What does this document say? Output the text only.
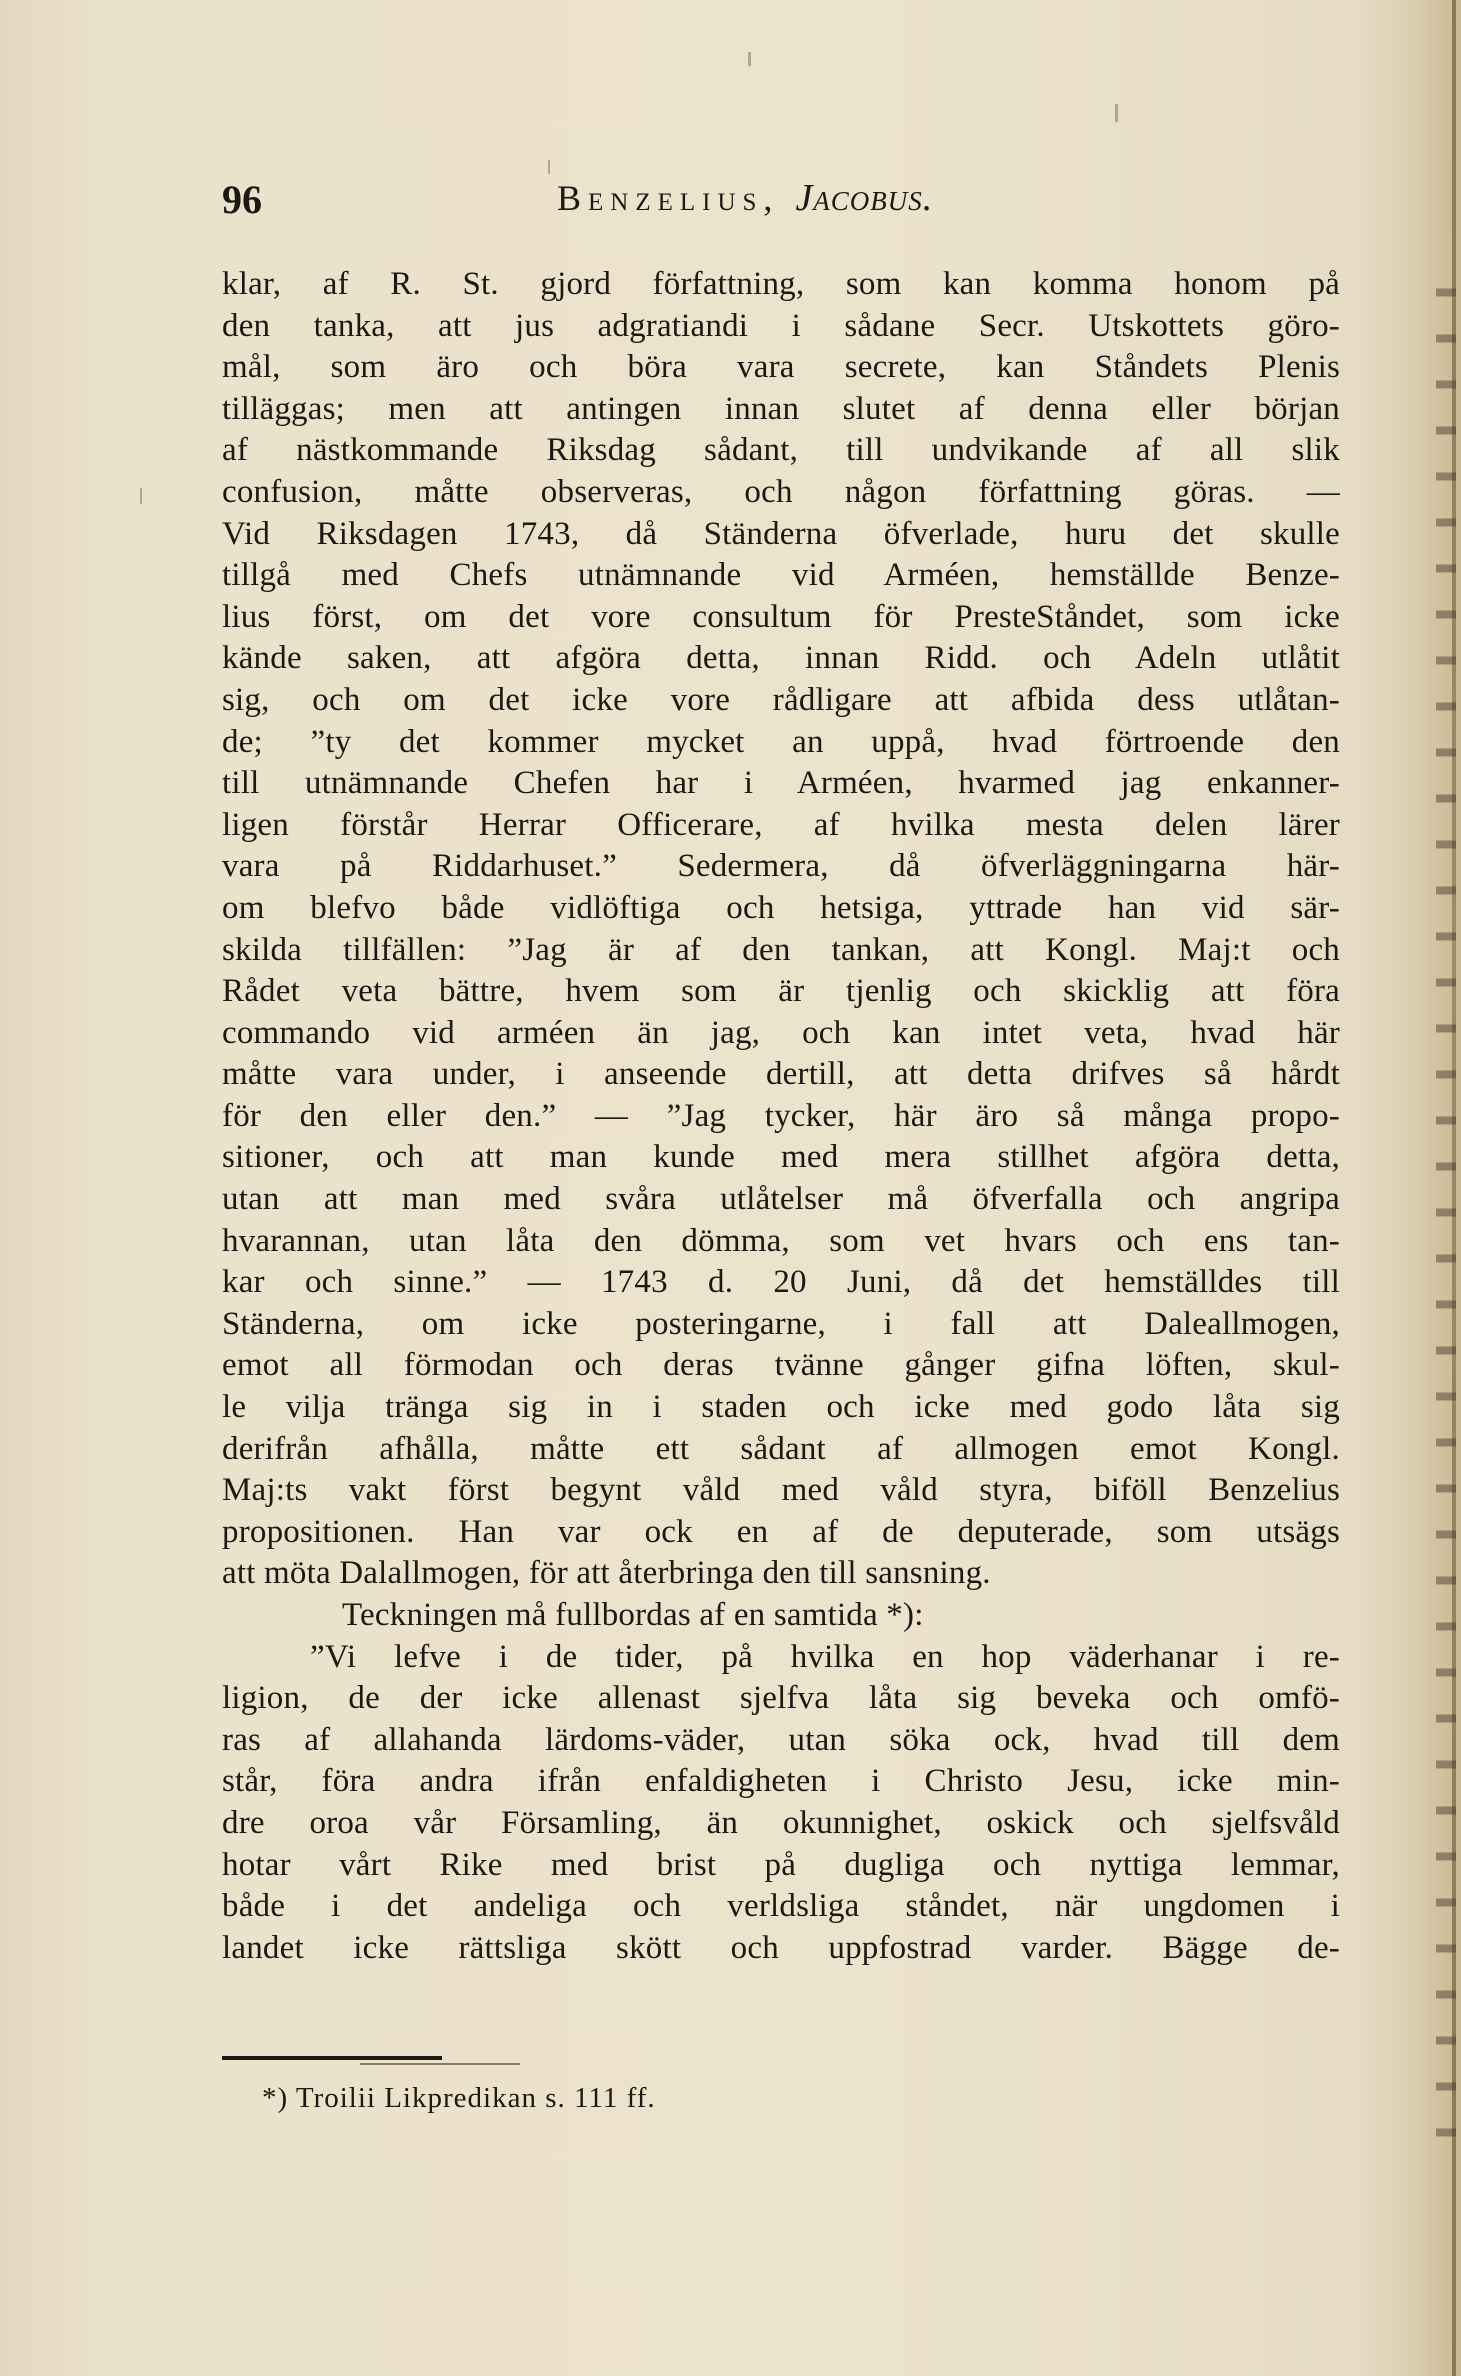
96	Benzelius, Jacobus.
klar, af R. St. gjord författning, som kan komma honom på
den tanka, att jus adgratiandi i sådane Secr. Utskottets göro-
mål, som äro och böra vara secrete, kan Ståndets Plenis
tilläggas; men att antingen innan slutet af denna eller början
af nästkommande Riksdag sådant, till undvikande af all slik
confusion, måtte observeras, och någon författning göras. —
Vid Riksdagen 1743, då Ständerna öfverlade, huru det skulle
tillgå med Chefs utnämnande vid Arméen, hemställde Benze-
lius först, om det vore consultum för PresteStåndet, som icke
kände saken, att afgöra detta, innan Ridd. och Adeln utlåtit
sig, och om det icke vore rådligare att afbida dess utlåtan-
de; ”ty det kommer mycket an uppå, hvad förtroende den
till utnämnande Chefen har i Arméen, hvarmed jag enkanner-
ligen förstår Herrar Officerare, af hvilka mesta delen lärer
vara på Riddarhuset.” Sedermera, då öfverläggningarna här-
om blefvo både vidlöftiga och hetsiga, yttrade han vid sär-
skilda tillfällen: ”Jag är af den tankan, att Kongl. Maj:t och
Rådet veta bättre, hvem som är tjenlig och skicklig att föra
commando vid arméen än jag, och kan intet veta, hvad här
måtte vara under, i anseende dertill, att detta drifves så hårdt
för den eller den.” — ”Jag tycker, här äro så många propo-
sitioner, och att man kunde med mera stillhet afgöra detta,
utan att man med svåra utlåtelser må öfverfalla och angripa
hvarannan, utan låta den dömma, som vet hvars och ens tan-
kar och sinne.” — 1743 d. 20 Juni, då det hemställdes till
Ständerna, om icke posteringarne, i fall att Daleallmogen,
emot all förmodan och deras tvänne gånger gifna löften, skul-
le vilja tränga sig in i staden och icke med godo låta sig
derifrån afhålla, måtte ett sådant af allmogen emot Kongl.
Maj:ts vakt först begynt våld med våld styra, biföll Benzelius
propositionen. Han var ock en af de deputerade, som utsägs
att möta Dalallmogen, för att återbringa den till sansning.
Teckningen må fullbordas af en samtida *):
”Vi lefve i de tider, på hvilka en hop väderhanar i re-
ligion, de der icke allenast sjelfva låta sig beveka och omfö-
ras af allahanda lärdoms-väder, utan söka ock, hvad till dem
står, föra andra ifrån enfaldigheten i Christo Jesu, icke min-
dre oroa vår Församling, än okunnighet, oskick och sjelfsvåld
hotar vårt Rike med brist på dugliga och nyttiga lemmar,
både i det andeliga och verldsliga ståndet, när ungdomen i
landet icke rättsliga skött och uppfostrad varder. Bägge de-
*) Troilii Likpredikan s. 111 ff.
